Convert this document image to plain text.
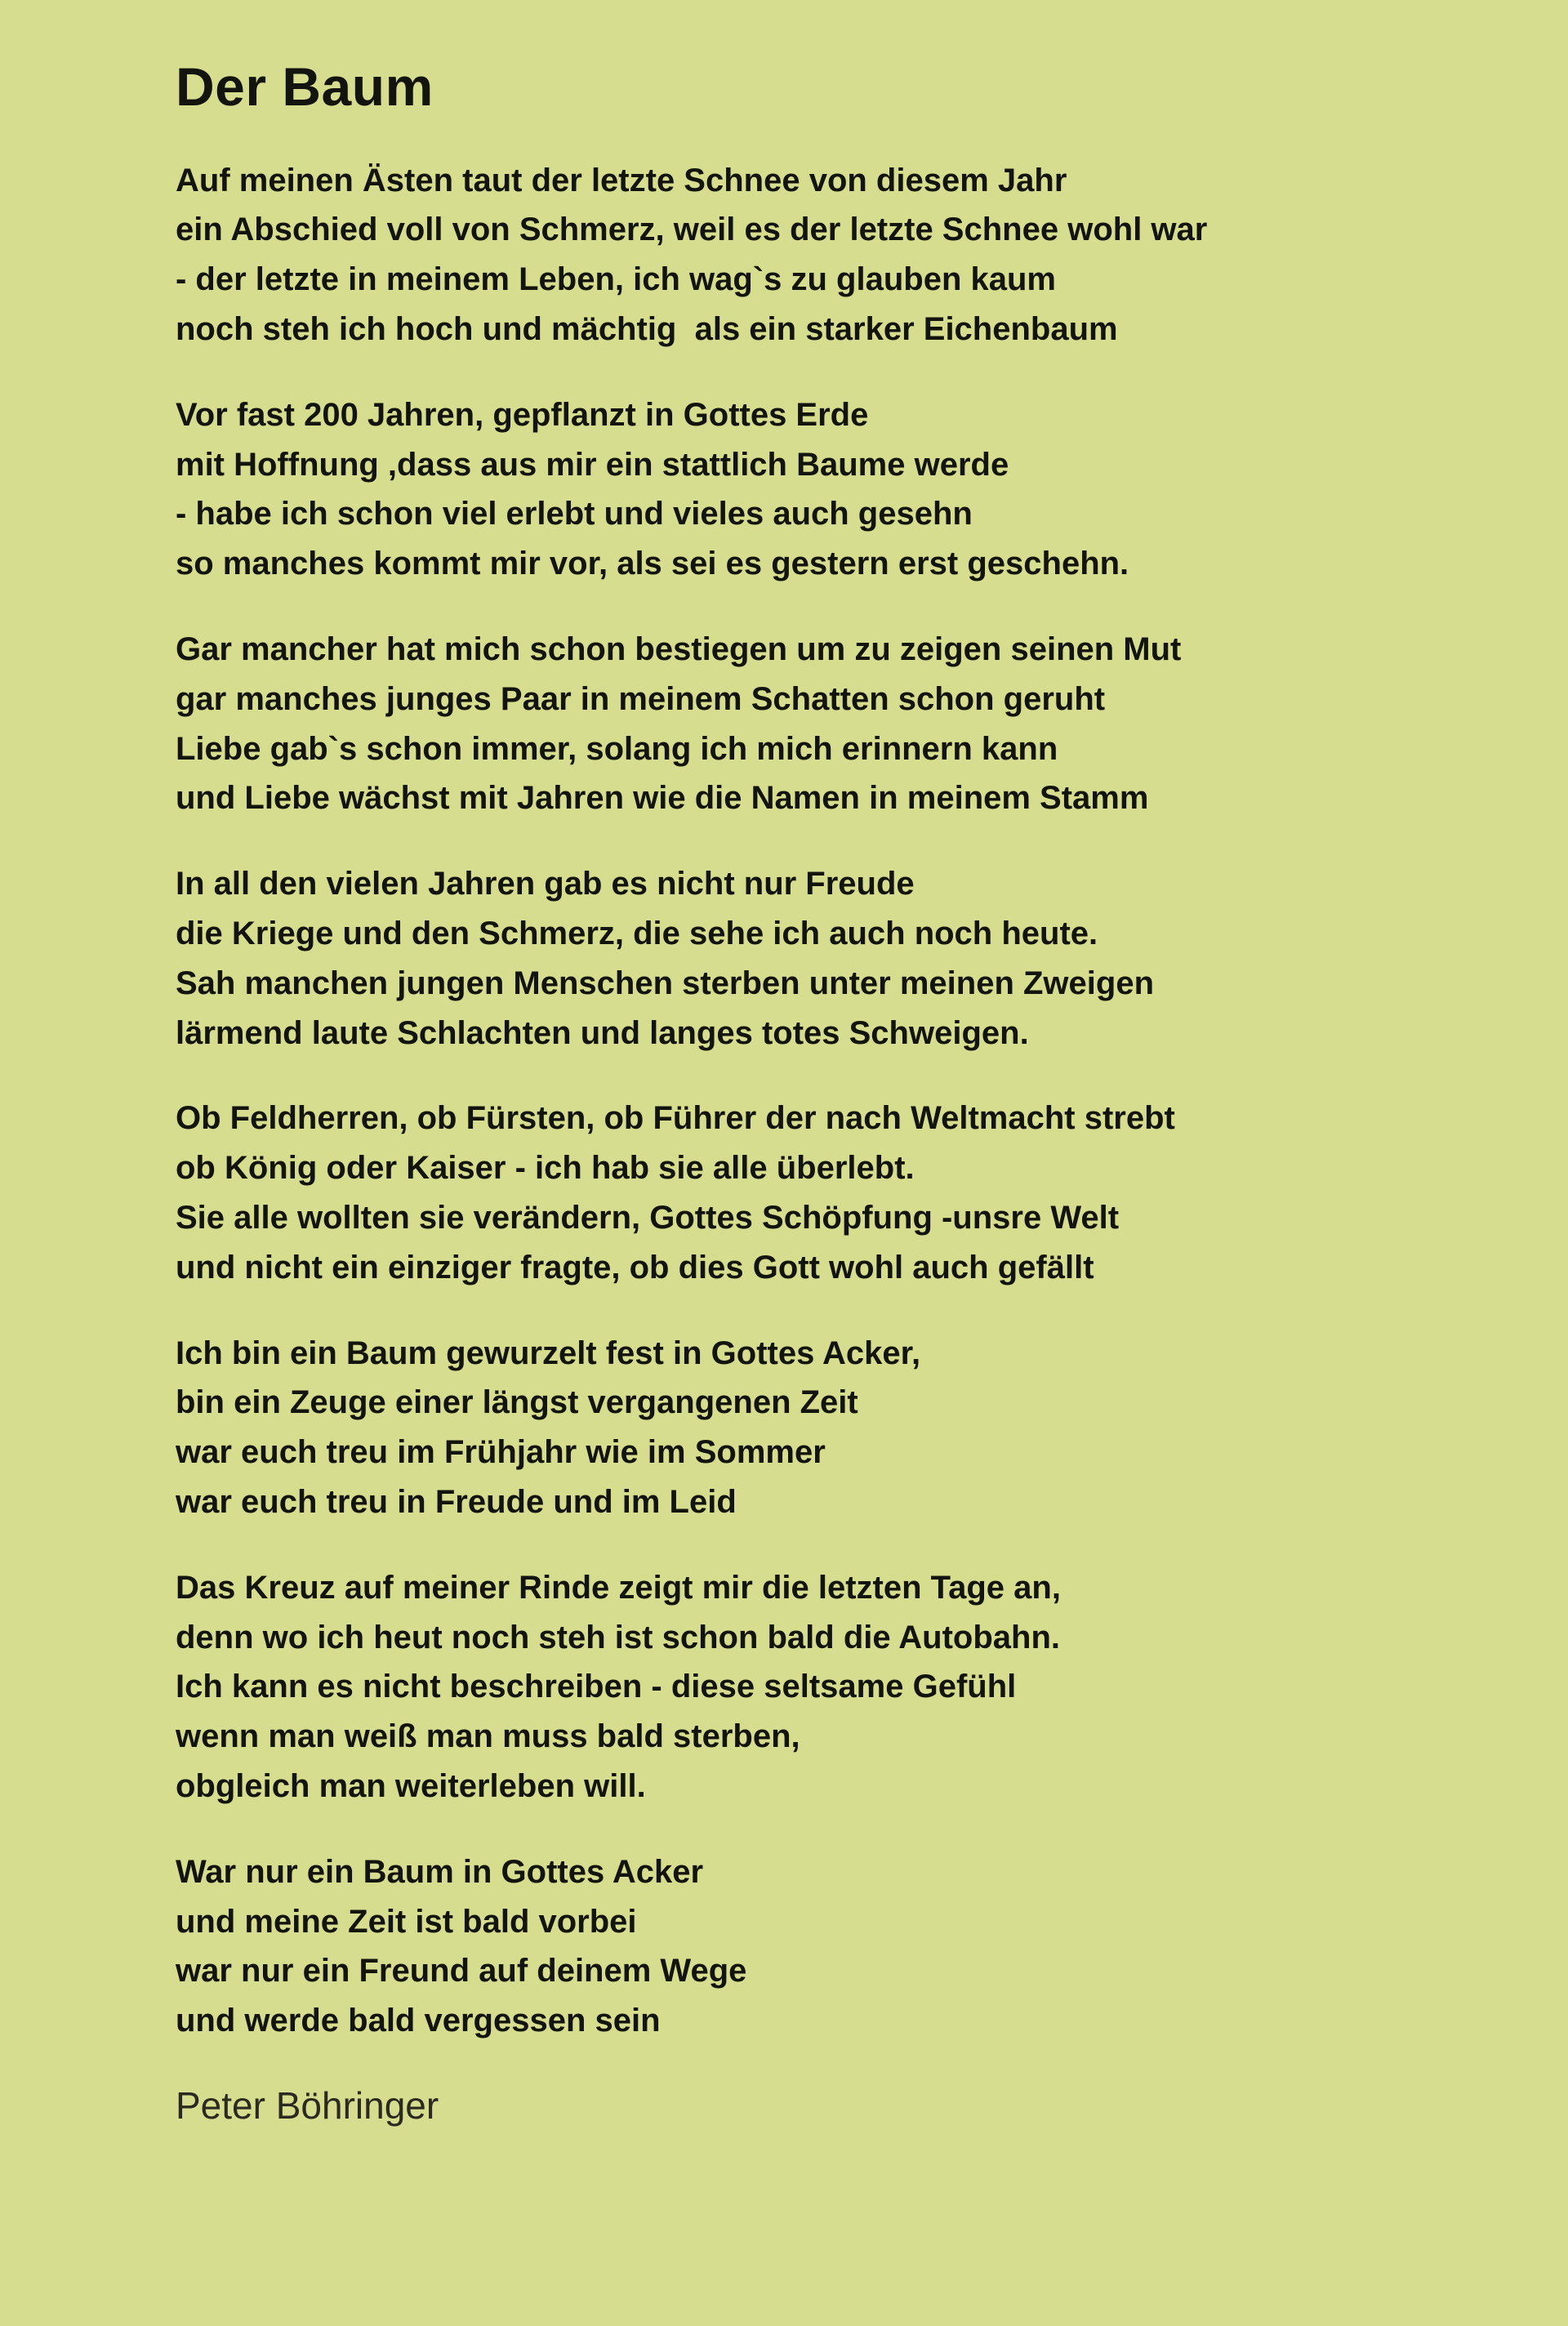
Der Baum
Auf meinen Ästen taut der letzte Schnee von diesem Jahr
ein Abschied voll von Schmerz, weil es der letzte Schnee wohl war
- der letzte in meinem Leben, ich wag`s zu glauben kaum
noch steh ich hoch und mächtig  als ein starker Eichenbaum
Vor fast 200 Jahren, gepflanzt in Gottes Erde
mit Hoffnung ,dass aus mir ein stattlich Baume werde
- habe ich schon viel erlebt und vieles auch gesehn
so manches kommt mir vor, als sei es gestern erst geschehn.
Gar mancher hat mich schon bestiegen um zu zeigen seinen Mut
gar manches junges Paar in meinem Schatten schon geruht
Liebe gab`s schon immer, solang ich mich erinnern kann
und Liebe wächst mit Jahren wie die Namen in meinem Stamm
In all den vielen Jahren gab es nicht nur Freude
die Kriege und den Schmerz, die sehe ich auch noch heute.
Sah manchen jungen Menschen sterben unter meinen Zweigen
lärmend laute Schlachten und langes totes Schweigen.
Ob Feldherren, ob Fürsten, ob Führer der nach Weltmacht strebt
ob König oder Kaiser - ich hab sie alle überlebt.
Sie alle wollten sie verändern, Gottes Schöpfung -unsre Welt
und nicht ein einziger fragte, ob dies Gott wohl auch gefällt
Ich bin ein Baum gewurzelt fest in Gottes Acker,
bin ein Zeuge einer längst vergangenen Zeit
war euch treu im Frühjahr wie im Sommer
war euch treu in Freude und im Leid
Das Kreuz auf meiner Rinde zeigt mir die letzten Tage an,
denn wo ich heut noch steh ist schon bald die Autobahn.
Ich kann es nicht beschreiben - diese seltsame Gefühl
wenn man weiß man muss bald sterben,
obgleich man weiterleben will.
War nur ein Baum in Gottes Acker
und meine Zeit ist bald vorbei
war nur ein Freund auf deinem Wege
und werde bald vergessen sein
Peter Böhringer
